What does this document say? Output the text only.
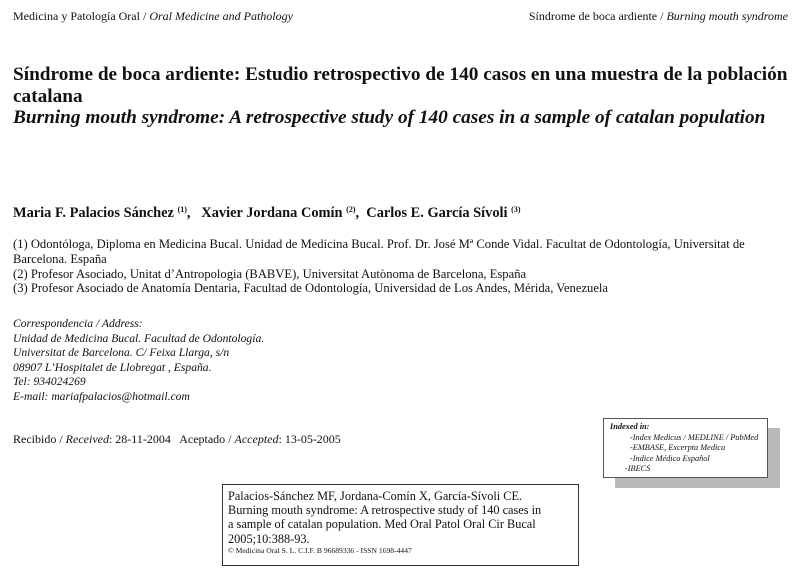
Medicina y Patología Oral / Oral Medicine and Pathology	Síndrome de boca ardiente / Burning mouth syndrome
Síndrome de boca ardiente: Estudio retrospectivo de 140 casos en una muestra de la población catalana
Burning mouth syndrome: A retrospective study of 140 cases in a sample of catalan population
Maria F. Palacios Sánchez $^{(1)}$,   Xavier Jordana Comín $^{(2)}$,  Carlos E. García Sívoli $^{(3)}$

(1) Odontóloga, Diploma en Medicina Bucal. Unidad de Medicina Bucal. Prof. Dr. José Mª Conde Vidal. Facultat de Odontología, Universitat de Barcelona. España

(2) Profesor Asociado, Unitat d’Antropologia (BABVE), Universitat Autònoma de Barcelona, España

(3) Profesor Asociado de Anatomía Dentaria, Facultad de Odontología, Universidad de Los Andes, Mérida, Venezuela

Correspondencia / Address:

Unidad de Medicina Bucal. Facultad de Odontología.

Universitat de Barcelona. C/ Feixa Llarga, s/n

08907 L’Hospitalet de Llobregat , España.

Tel: 934024269

E-mail: mariafpalacios@hotmail.com

Recibido / Received: 28-11-2004 Aceptado / Accepted: 13-05-2005

Indexed in:

-Index Medicus / MEDLINE / PubMed

-EMBASE, Excerpta Medica

-Indice Médico Español

-IBECS

Palacios-Sánchez MF, Jordana-Comín X, García-Sívoli CE.

Burning mouth syndrome: A retrospective study of 140 cases in

a sample of catalan population. Med Oral Patol Oral Cir Bucal

2005;10:388-93.

© Medicina Oral S. L. C.I.F. B 96689336 - ISSN 1698-4447
